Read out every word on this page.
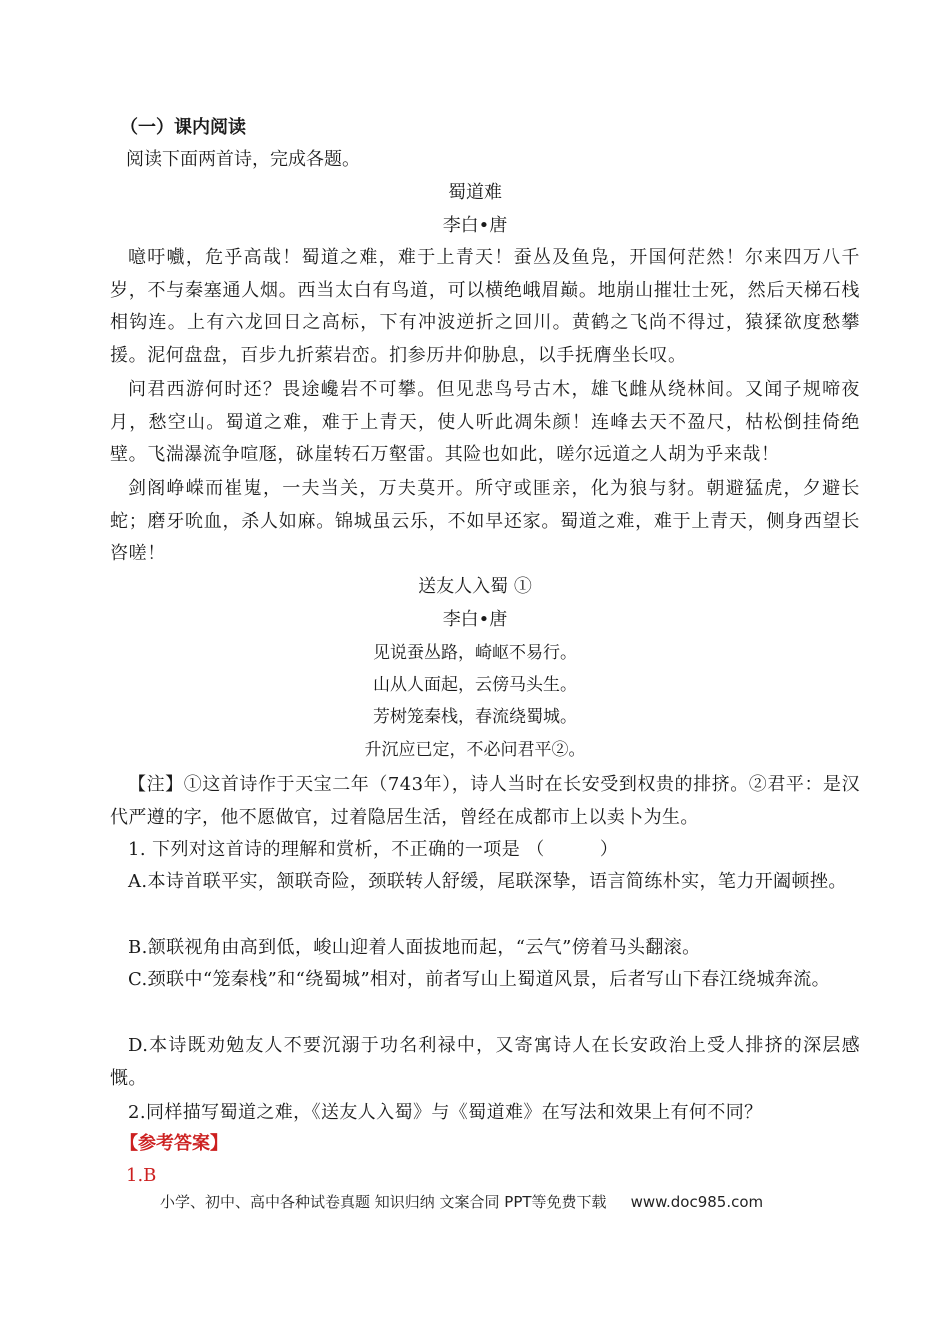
（一）课内阅读
阅读下面两首诗，完成各题。
蜀道难
李白•唐

噫吁嚱，危乎高哉！蜀道之难，难于上青天！蚕丛及鱼凫，开国何茫然！尔来四万八千岁，不与秦塞通人烟。西当太白有鸟道，可以横绝峨眉巅。地崩山摧壮士死，然后天梯石栈相钩连。上有六龙回日之高标，下有冲波逆折之回川。黄鹤之飞尚不得过，猿猱欲度愁攀援。泥何盘盘，百步九折萦岩峦。扪参历井仰胁息，以手抚膺坐长叹。

问君西游何时还？畏途巉岩不可攀。但见悲鸟号古木，雄飞雌从绕林间。又闻子规啼夜月，愁空山。蜀道之难，难于上青天，使人听此凋朱颜！连峰去天不盈尺，枯松倒挂倚绝壁。飞湍瀑流争喧豗，砯崖转石万壑雷。其险也如此，嗟尔远道之人胡为乎来哉！

剑阁峥嵘而崔嵬，一夫当关，万夫莫开。所守或匪亲，化为狼与豺。朝避猛虎，夕避长蛇；磨牙吮血，杀人如麻。锦城虽云乐，不如早还家。蜀道之难，难于上青天，侧身西望长咨嗟！

送友人入蜀 ①
李白•唐
见说蚕丛路，崎岖不易行。
山从人面起，云傍马头生。
芳树笼秦栈，春流绕蜀城。
升沉应已定，不必问君平②。

【注】①这首诗作于天宝二年（743年），诗人当时在长安受到权贵的排挤。②君平：是汉代严遵的字，他不愿做官，过着隐居生活，曾经在成都市上以卖卜为生。

1. 下列对这首诗的理解和赏析，不正确的一项是 （　　　）

A.本诗首联平实，颔联奇险，颈联转人舒缓，尾联深挚，语言简练朴实，笔力开阖顿挫。

B.颔联视角由高到低，峻山迎着人面拔地而起，“云气”傍着马头翻滚。

C.颈联中“笼秦栈”和“绕蜀城”相对，前者写山上蜀道风景，后者写山下春江绕城奔流。

D.本诗既劝勉友人不要沉溺于功名利禄中，又寄寓诗人在长安政治上受人排挤的深层感慨。

2.同样描写蜀道之难，《送友人入蜀》与《蜀道难》在写法和效果上有何不同？

【参考答案】
1.B
小学、初中、高中各种试卷真题 知识归纳 文案合同 PPT等免费下载 www.doc985.com
